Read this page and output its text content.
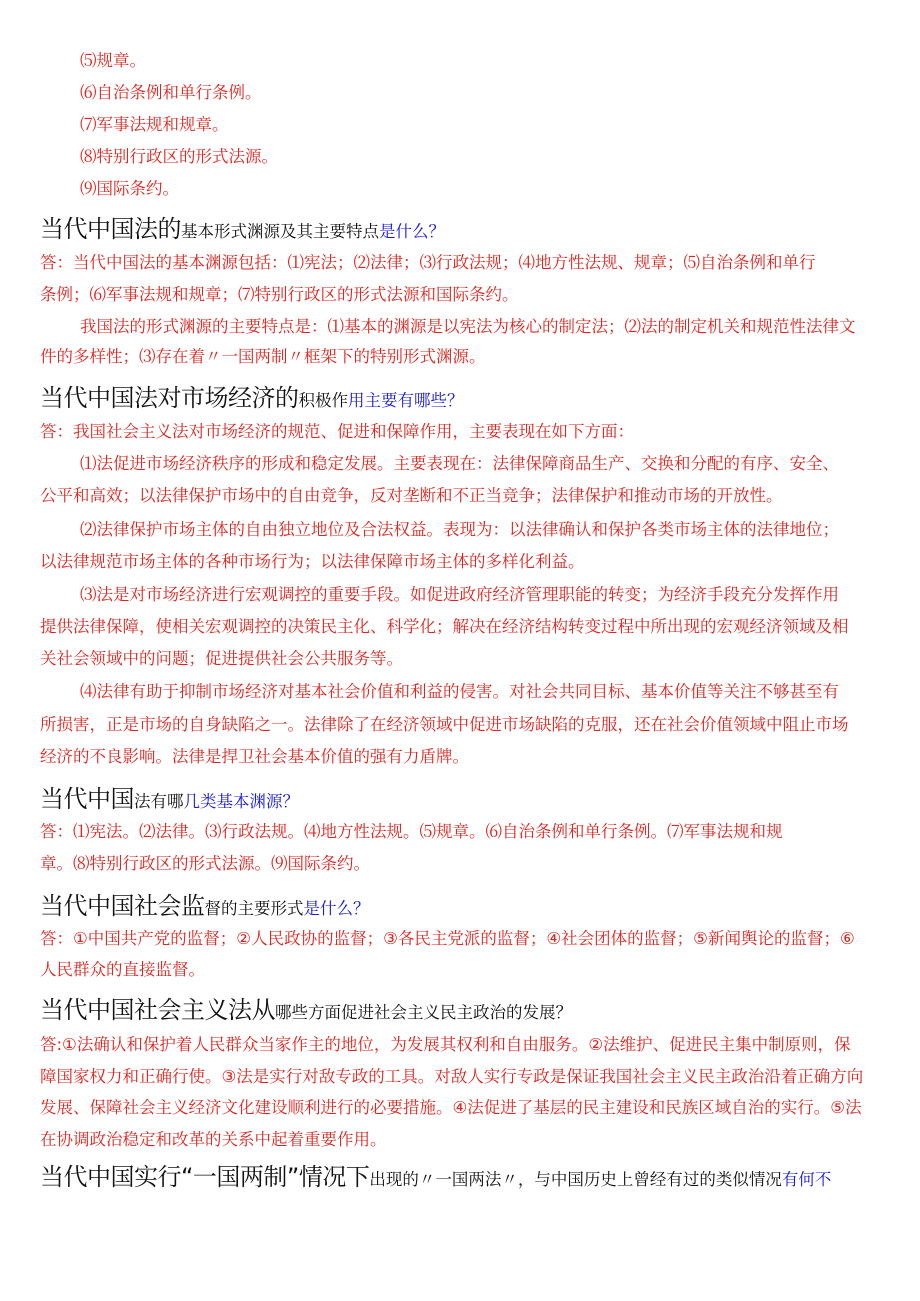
⑸规章。
⑹自治条例和单行条例。
⑺军事法规和规章。
⑻特别行政区的形式法源。
⑼国际条约。
当代中国法的基本形式渊源及其主要特点是什么？
答：当代中国法的基本渊源包括：⑴宪法；⑵法律；⑶行政法规；⑷地方性法规、规章；⑸自治条例和单行
条例；⑹军事法规和规章；⑺特别行政区的形式法源和国际条约。
我国法的形式渊源的主要特点是：⑴基本的渊源是以宪法为核心的制定法；⑵法的制定机关和规范性法律文
件的多样性；⑶存在着〃一国两制〃框架下的特别形式渊源。
当代中国法对市场经济的积极作用主要有哪些？
答：我国社会主义法对市场经济的规范、促进和保障作用，主要表现在如下方面：
⑴法促进市场经济秩序的形成和稳定发展。主要表现在：法律保障商品生产、交换和分配的有序、安全、
公平和高效；以法律保护市场中的自由竞争，反对垄断和不正当竞争；法律保护和推动市场的开放性。
⑵法律保护市场主体的自由独立地位及合法权益。表现为：以法律确认和保护各类市场主体的法律地位；
以法律规范市场主体的各种市场行为；以法律保障市场主体的多样化利益。
⑶法是对市场经济进行宏观调控的重要手段。如促进政府经济管理职能的转变；为经济手段充分发挥作用
提供法律保障，使相关宏观调控的决策民主化、科学化；解决在经济结构转变过程中所出现的宏观经济领域及相
关社会领域中的问题；促进提供社会公共服务等。
⑷法律有助于抑制市场经济对基本社会价值和利益的侵害。对社会共同目标、基本价值等关注不够甚至有
所损害，正是市场的自身缺陷之一。法律除了在经济领域中促进市场缺陷的克服，还在社会价值领域中阻止市场
经济的不良影响。法律是捍卫社会基本价值的强有力盾牌。
当代中国法有哪几类基本渊源？
答：⑴宪法。⑵法律。⑶行政法规。⑷地方性法规。⑸规章。⑹自治条例和单行条例。⑺军事法规和规
章。⑻特别行政区的形式法源。⑼国际条约。
当代中国社会监督的主要形式是什么？
答：①中国共产党的监督；②人民政协的监督；③各民主党派的监督；④社会团体的监督；⑤新闻舆论的监督；⑥
人民群众的直接监督。
当代中国社会主义法从哪些方面促进社会主义民主政治的发展？
答:①法确认和保护着人民群众当家作主的地位，为发展其权利和自由服务。②法维护、促进民主集中制原则，保
障国家权力和正确行使。③法是实行对敌专政的工具。对敌人实行专政是保证我国社会主义民主政治沿着正确方向
发展、保障社会主义经济文化建设顺利进行的必要措施。④法促进了基层的民主建设和民族区域自治的实行。⑤法
在协调政治稳定和改革的关系中起着重要作用。
当代中国实行“一国两制”情况下出现的〃一国两法〃，与中国历史上曾经有过的类似情况有何不
